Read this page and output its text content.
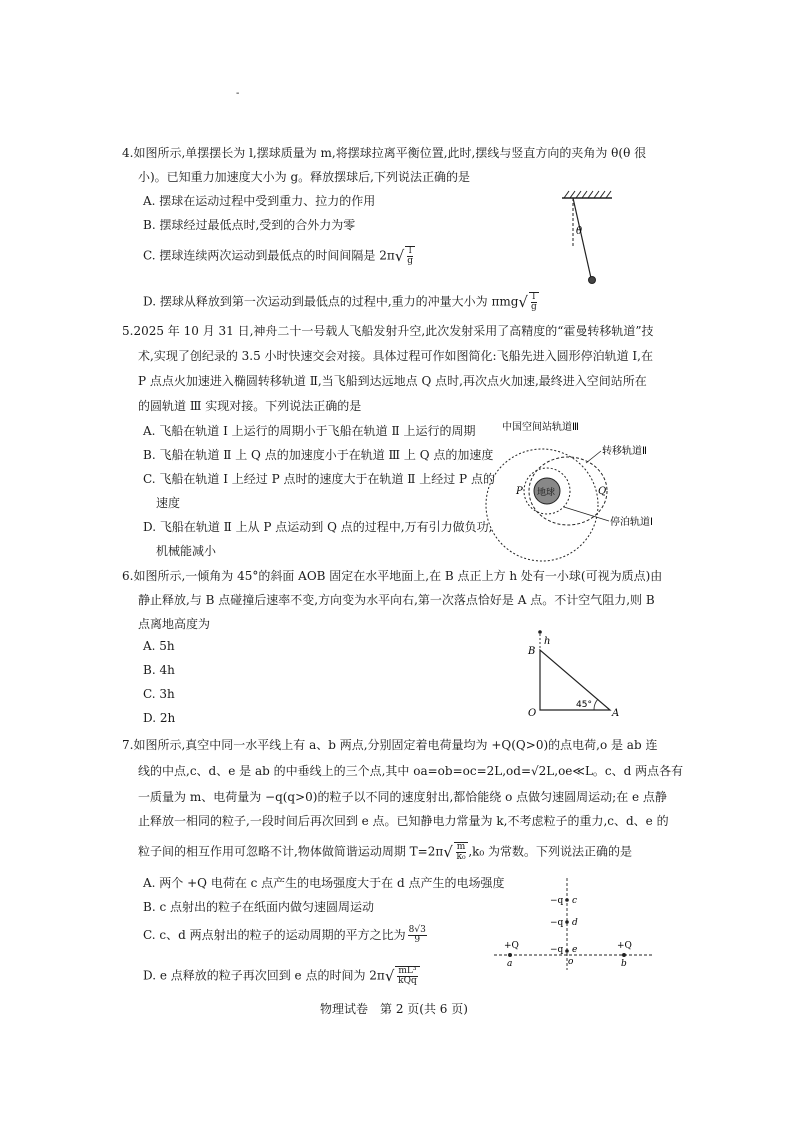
-
4.如图所示,单摆摆长为 l,摆球质量为 m,将摆球拉离平衡位置,此时,摆线与竖直方向的夹角为 θ(θ 很
小)。已知重力加速度大小为 g。释放摆球后,下列说法正确的是
A. 摆球在运动过程中受到重力、拉力的作用
B. 摆球经过最低点时,受到的合外力为零
C. 摆球连续两次运动到最低点的时间间隔是 $2\pi√ \frac{l}{g}$
D. 摆球从释放到第一次运动到最低点的过程中,重力的冲量大小为 $\pi mg√ \frac{l}{g}$
θ
5.2025 年 10 月 31 日,神舟二十一号载人飞船发射升空,此次发射采用了高精度的“霍曼转移轨道”技
术,实现了创纪录的 3.5 小时快速交会对接。具体过程可作如图简化:飞船先进入圆形停泊轨道 Ⅰ,在
P 点点火加速进入椭圆转移轨道 Ⅱ,当飞船到达远地点 Q 点时,再次点火加速,最终进入空间站所在
的圆轨道 Ⅲ 实现对接。下列说法正确的是
A. 飞船在轨道 Ⅰ 上运行的周期小于飞船在轨道 Ⅱ 上运行的周期
B. 飞船在轨道 Ⅱ 上 Q 点的加速度小于在轨道 Ⅲ 上 Q 点的加速度
C. 飞船在轨道 Ⅰ 上经过 P 点时的速度大于在轨道 Ⅱ 上经过 P 点的
速度
D. 飞船在轨道 Ⅱ 上从 P 点运动到 Q 点的过程中,万有引力做负功,
机械能减小
中国空间站轨道Ⅲ
地球
P	Q
转移轨道Ⅱ
停泊轨道Ⅰ
6.如图所示,一倾角为 45°的斜面 AOB 固定在水平地面上,在 B 点正上方 h 处有一小球(可视为质点)由
静止释放,与 B 点碰撞后速率不变,方向变为水平向右,第一次落点恰好是 A 点。不计空气阻力,则 B
点离地高度为
A. 5h
B. 4h
C. 3h
D. 2h
h
B
O	A
45°
7.如图所示,真空中同一水平线上有 a、b 两点,分别固定着电荷量均为 +Q(Q>0)的点电荷,o 是 ab 连
线的中点,c、d、e 是 ab 的中垂线上的三个点,其中 oa=ob=oc=2L,od=√2L,oe≪L。c、d 两点各有
一质量为 m、电荷量为 −q(q>0)的粒子以不同的速度射出,都恰能绕 o 点做匀速圆周运动;在 e 点静
止释放一相同的粒子,一段时间后再次回到 e 点。已知静电力常量为 k,不考虑粒子的重力,c、d、e 的
粒子间的相互作用可忽略不计,物体做简谐运动周期 $T=2\pi√ \frac{m}{\text{k₀}} ,k_0$ 为常数。下列说法正确的是
A. 两个 +Q 电荷在 c 点产生的电场强度大于在 d 点产生的电场强度
B. c 点射出的粒子在纸面内做匀速圆周运动
C. c、d 两点射出的粒子的运动周期的平方之比为 $\frac{8√3}{9}$
D. e 点释放的粒子再次回到 e 点的时间为 $2\pi√ \frac{\text{mL³}}{\text{kQq}}$
−q c
−q d
−q e
o
+Q
a
+Q
b
物理试卷　第 2 页(共 6 页)
